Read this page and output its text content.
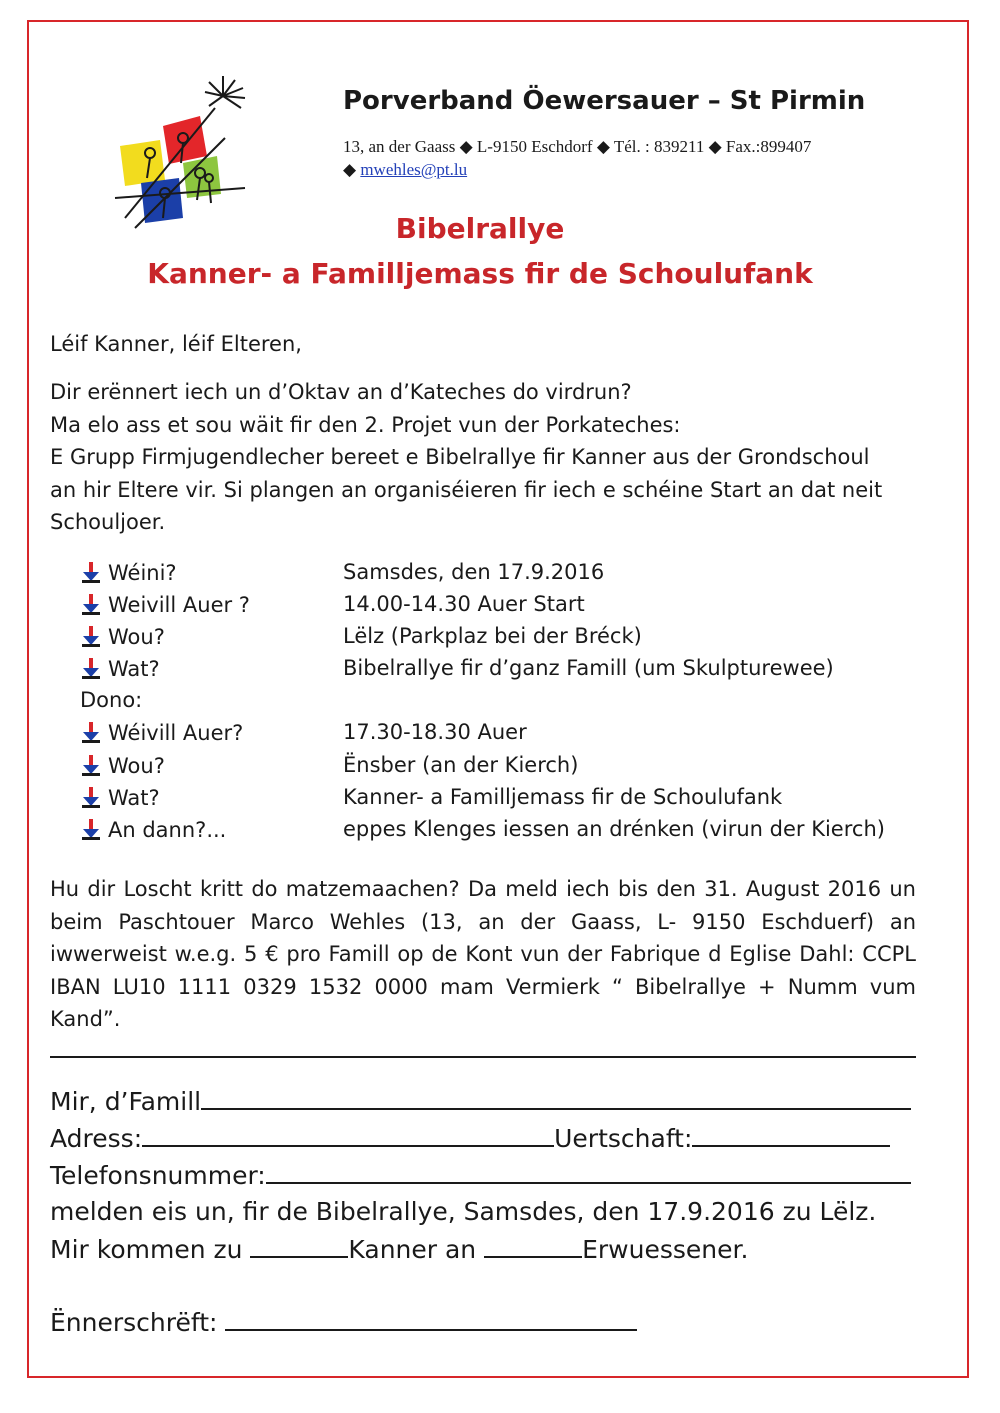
Porverband Öewersauer – St Pirmin
13, an der Gaass ◆ L-9150 Eschdorf ◆ Tél. : 839211 ◆ Fax.:899407
◆ mwehles@pt.lu
Bibelrallye
Kanner- a Familljemass fir de Schoulufank
Léif Kanner, léif Elteren,
Dir erënnert iech un d’Oktav an d’Kateches do virdrun?
Ma elo ass et sou wäit fir den 2. Projet vun der Porkateches:
E Grupp Firmjugendlecher bereet e Bibelrallye fir Kanner aus der Grondschoul
an hir Eltere vir. Si plangen an organiséieren fir iech e schéine Start an dat neit
Schouljoer.
Wéini?	Samsdes, den 17.9.2016
Weivill Auer ?	14.00-14.30 Auer Start
Wou?	Lëlz (Parkplaz bei der Bréck)
Wat?	Bibelrallye fir d’ganz Famill (um Skulpturewee)
Dono:
Wéivill Auer?	17.30-18.30 Auer
Wou?	Ënsber (an der Kierch)
Wat?	Kanner- a Familljemass fir de Schoulufank
An dann?...	eppes Klenges iessen an drénken (virun der Kierch)
Hu dir Loscht kritt do matzemaachen? Da meld iech bis den 31. August 2016 un
beim Paschtouer Marco Wehles (13, an der Gaass, L- 9150 Eschduerf) an
iwwerweist w.e.g. 5 € pro Famill op de Kont vun der Fabrique d Eglise Dahl: CCPL
IBAN LU10 1111 0329 1532 0000 mam Vermierk “ Bibelrallye + Numm vum
Kand”.
Mir, d’Famill
Adress:	Uertschaft:
Telefonsnummer:
melden eis un, fir de Bibelrallye, Samsdes, den 17.9.2016 zu Lëlz.
Mir kommen zu	Kanner an	Erwuessener.
Ënnerschrëft:
